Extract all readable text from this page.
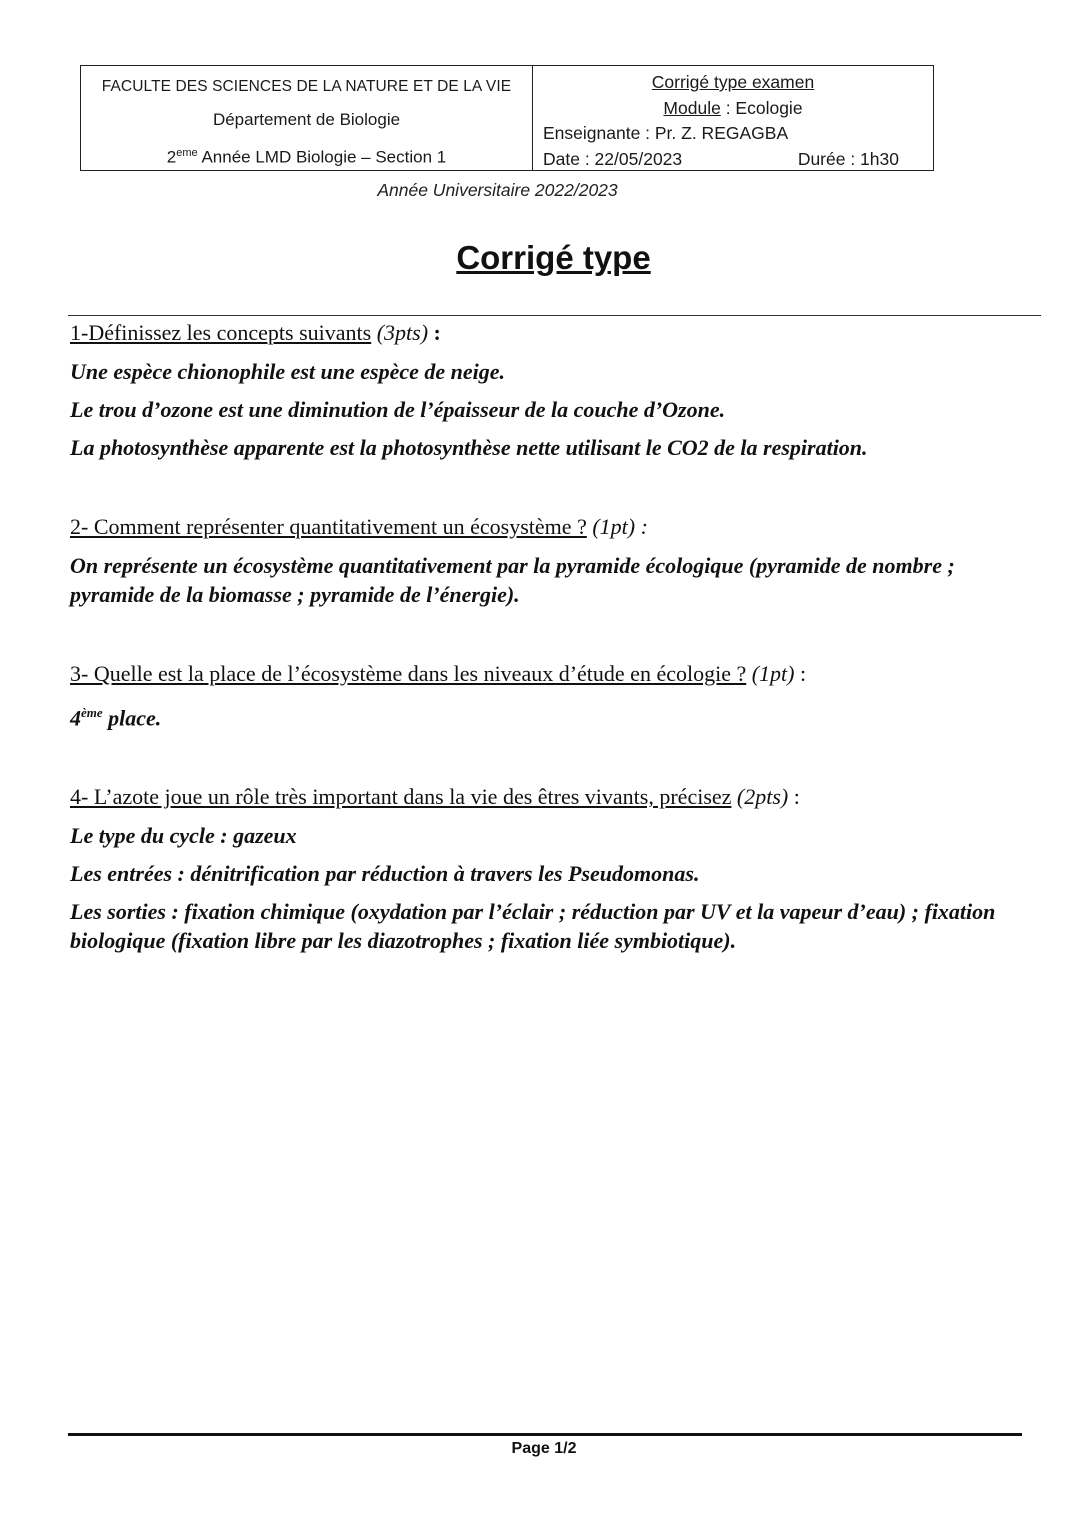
FACULTE DES SCIENCES DE LA NATURE ET DE LA VIE
Département de Biologie
2eme Année LMD Biologie – Section 1
Corrigé type examen
Module : Ecologie
Enseignante : Pr. Z. REGAGBA
Date : 22/05/2023	Durée : 1h30
Année Universitaire 2022/2023
Corrigé type

1-Définissez les concepts suivants (3pts) :

Une espèce chionophile est une espèce de neige.

Le trou d’ozone est une diminution de l’épaisseur de la couche d’Ozone.

La photosynthèse apparente est la photosynthèse nette utilisant le CO2 de la respiration.

2- Comment représenter quantitativement un écosystème ? (1pt) :

On représente un écosystème quantitativement par la pyramide écologique (pyramide de nombre ; pyramide de la biomasse ; pyramide de l’énergie).

3- Quelle est la place de l’écosystème dans les niveaux d’étude en écologie ? (1pt) :

4ème place.

4- L’azote joue un rôle très important dans la vie des êtres vivants, précisez (2pts) :

Le type du cycle : gazeux

Les entrées : dénitrification par réduction à travers les Pseudomonas.

Les sorties : fixation chimique (oxydation par l’éclair ; réduction par UV et la vapeur d’eau) ; fixation biologique (fixation libre par les diazotrophes ; fixation liée symbiotique).

Page 1/2
